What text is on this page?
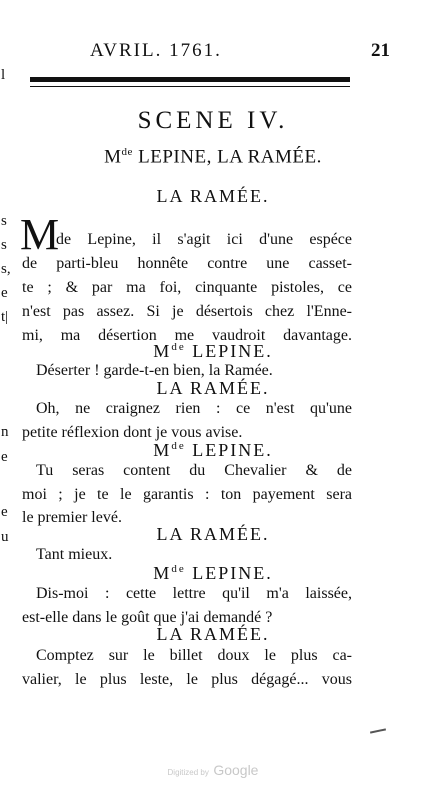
l
s
s
s,
e
t|
n
e
e
u
AVRIL. 1761.	21
SCENE IV.
Mde LEPINE, LA RAMÉE.
LA RAMÉE.
M
de Lepine, il s'agit ici d'une espéce
de parti-bleu honnête contre une casset-
te ; & par ma foi, cinquante pistoles, ce
n'est pas assez. Si je désertois chez l'Enne-
mi, ma désertion me vaudroit davantage.
Mde LEPINE.
Déserter ! garde-t-en bien, la Ramée.
LA RAMÉE.
Oh, ne craignez rien : ce n'est qu'une
petite réflexion dont je vous avise.
Mde LEPINE.
Tu seras content du Chevalier & de
moi ; je te le garantis : ton payement sera
le premier levé.
LA RAMÉE.
Tant mieux.
Mde LEPINE.
Dis-moi : cette lettre qu'il m'a laissée,
est-elle dans le goût que j'ai demandé ?
LA RAMÉE.
Comptez sur le billet doux le plus ca-
valier, le plus leste, le plus dégagé... vous
Digitized by Google
